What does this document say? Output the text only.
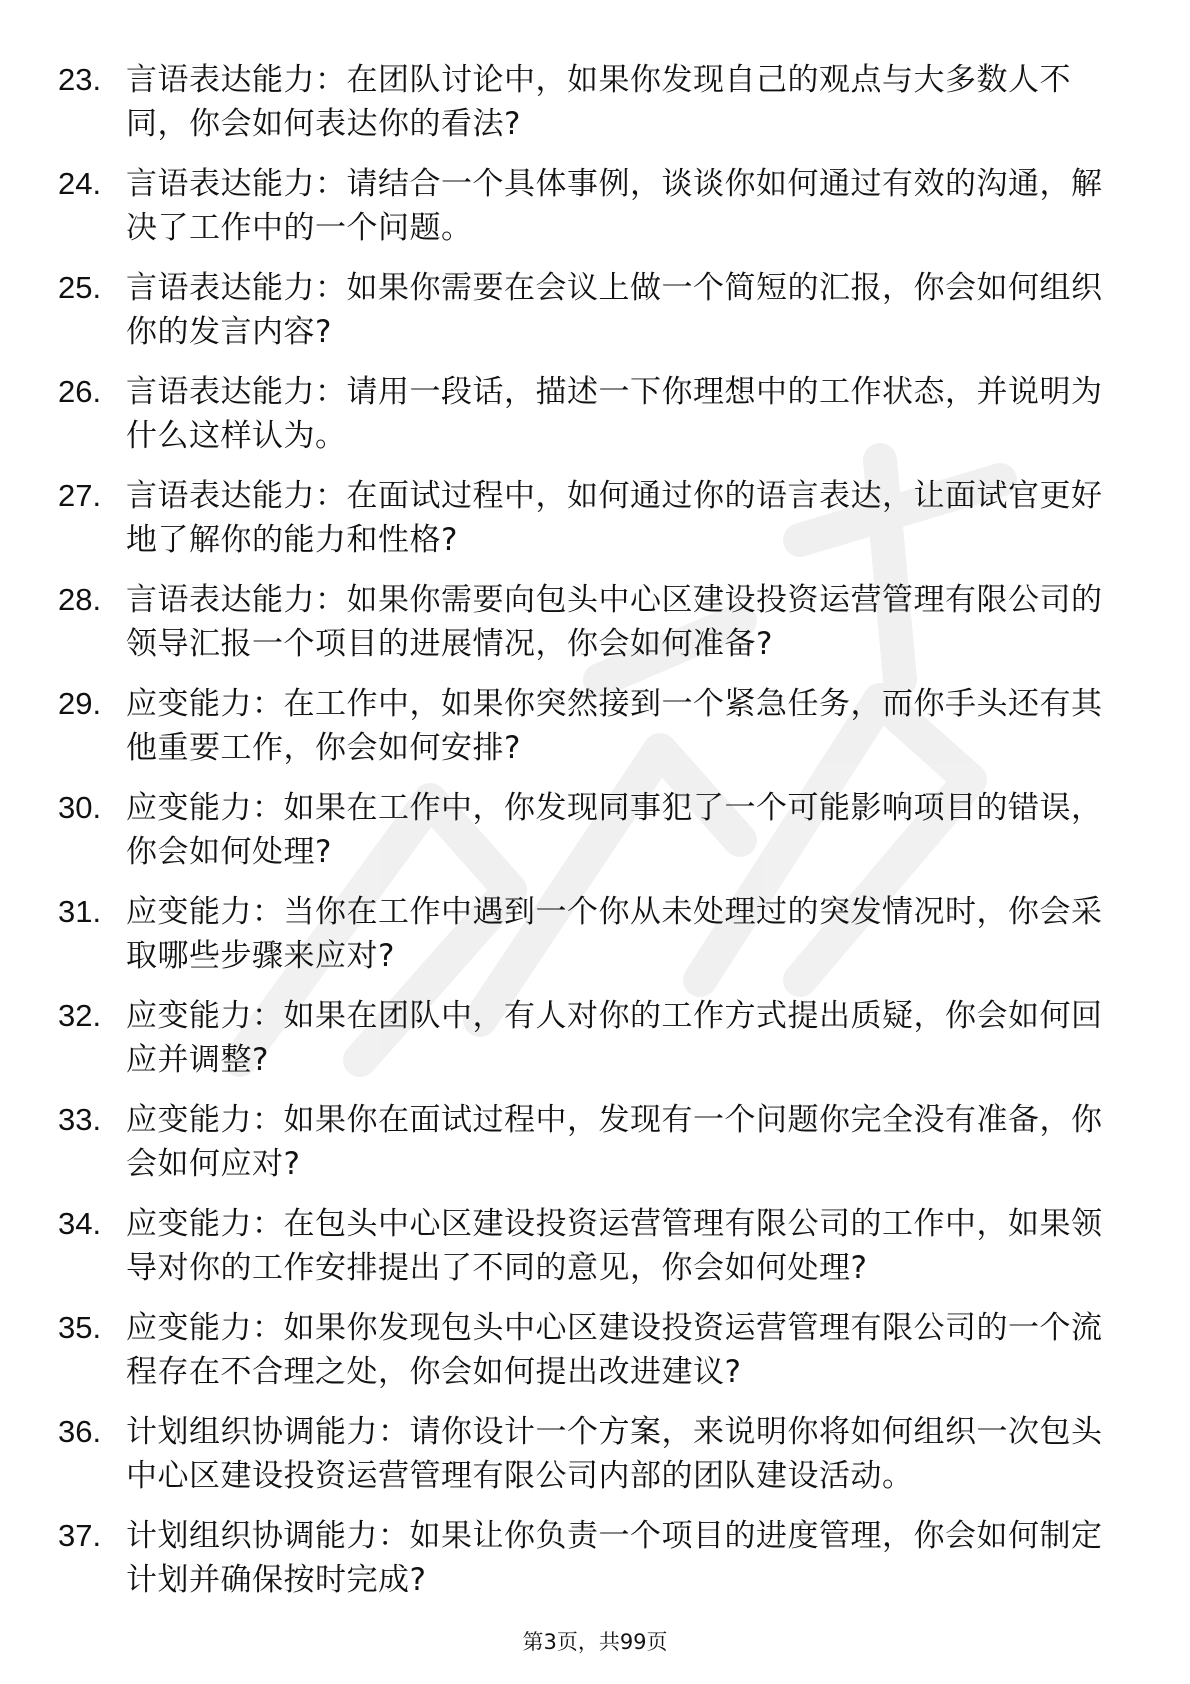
23. 言语表达能力：在团队讨论中，如果你发现自己的观点与大多数人不同，你会如何表达你的看法?
24. 言语表达能力：请结合一个具体事例，谈谈你如何通过有效的沟通，解决了工作中的一个问题。
25. 言语表达能力：如果你需要在会议上做一个简短的汇报，你会如何组织你的发言内容?
26. 言语表达能力：请用一段话，描述一下你理想中的工作状态，并说明为什么这样认为。
27. 言语表达能力：在面试过程中，如何通过你的语言表达，让面试官更好地了解你的能力和性格?
28. 言语表达能力：如果你需要向包头中心区建设投资运营管理有限公司的领导汇报一个项目的进展情况，你会如何准备?
29. 应变能力：在工作中，如果你突然接到一个紧急任务，而你手头还有其他重要工作，你会如何安排?
30. 应变能力：如果在工作中，你发现同事犯了一个可能影响项目的错误，你会如何处理?
31. 应变能力：当你在工作中遇到一个你从未处理过的突发情况时，你会采取哪些步骤来应对?
32. 应变能力：如果在团队中，有人对你的工作方式提出质疑，你会如何回应并调整?
33. 应变能力：如果你在面试过程中，发现有一个问题你完全没有准备，你会如何应对?
34. 应变能力：在包头中心区建设投资运营管理有限公司的工作中，如果领导对你的工作安排提出了不同的意见，你会如何处理?
35. 应变能力：如果你发现包头中心区建设投资运营管理有限公司的一个流程存在不合理之处，你会如何提出改进建议?
36. 计划组织协调能力：请你设计一个方案，来说明你将如何组织一次包头中心区建设投资运营管理有限公司内部的团队建设活动。
37. 计划组织协调能力：如果让你负责一个项目的进度管理，你会如何制定计划并确保按时完成?
第3页，共99页
